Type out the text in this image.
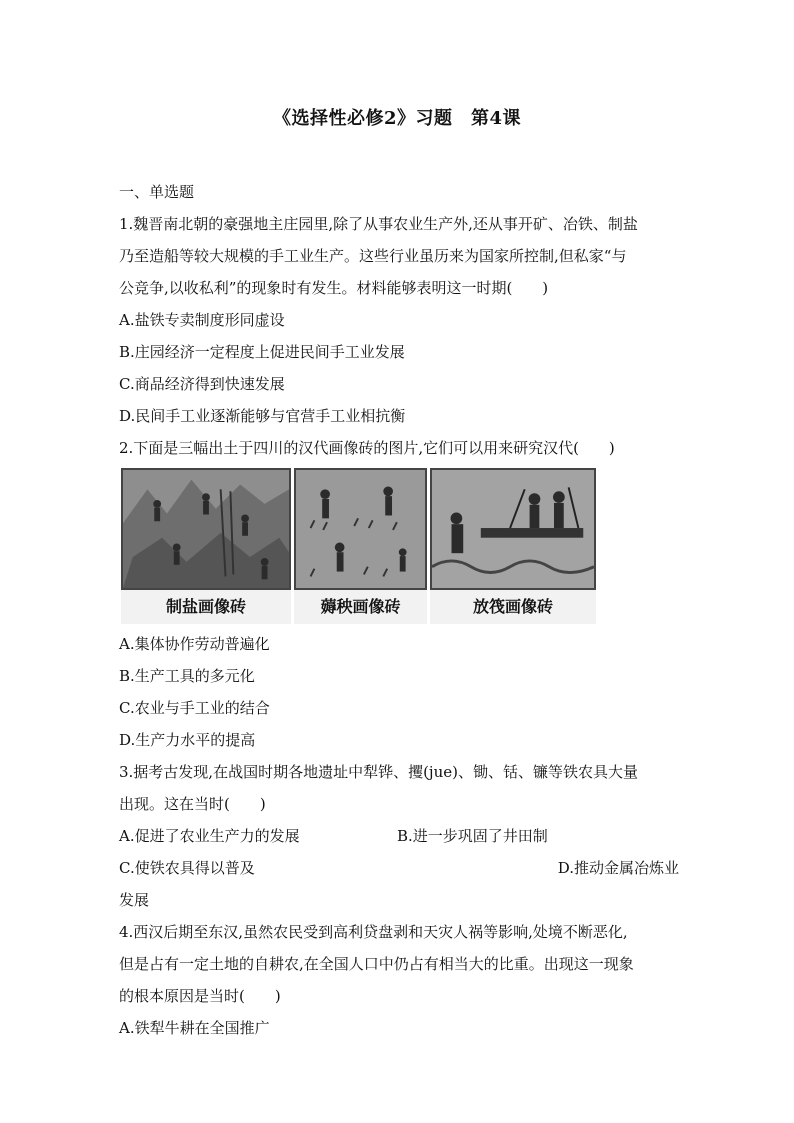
《选择性必修2》习题　第4课
一、单选题
1.魏晋南北朝的豪强地主庄园里,除了从事农业生产外,还从事开矿、冶铁、制盐
乃至造船等较大规模的手工业生产。这些行业虽历来为国家所控制,但私家“与
公竞争,以收私利”的现象时有发生。材料能够表明这一时期(　　)
A.盐铁专卖制度形同虚设
B.庄园经济一定程度上促进民间手工业发展
C.商品经济得到快速发展
D.民间手工业逐渐能够与官营手工业相抗衡
2.下面是三幅出土于四川的汉代画像砖的图片,它们可以用来研究汉代(　　)
制盐画像砖	薅秧画像砖	放筏画像砖
A.集体协作劳动普遍化
B.生产工具的多元化
C.农业与手工业的结合
D.生产力水平的提高
3.据考古发现,在战国时期各地遗址中犁铧、攫(jue)、锄、铦、镰等铁农具大量
出现。这在当时(　　)
A.促进了农业生产力的发展	B.进一步巩固了井田制
C.使铁农具得以普及	D.推动金属冶炼业
发展
4.西汉后期至东汉,虽然农民受到高利贷盘剥和天灾人祸等影响,处境不断恶化,
但是占有一定土地的自耕农,在全国人口中仍占有相当大的比重。出现这一现象
的根本原因是当时(　　)
A.铁犁牛耕在全国推广
